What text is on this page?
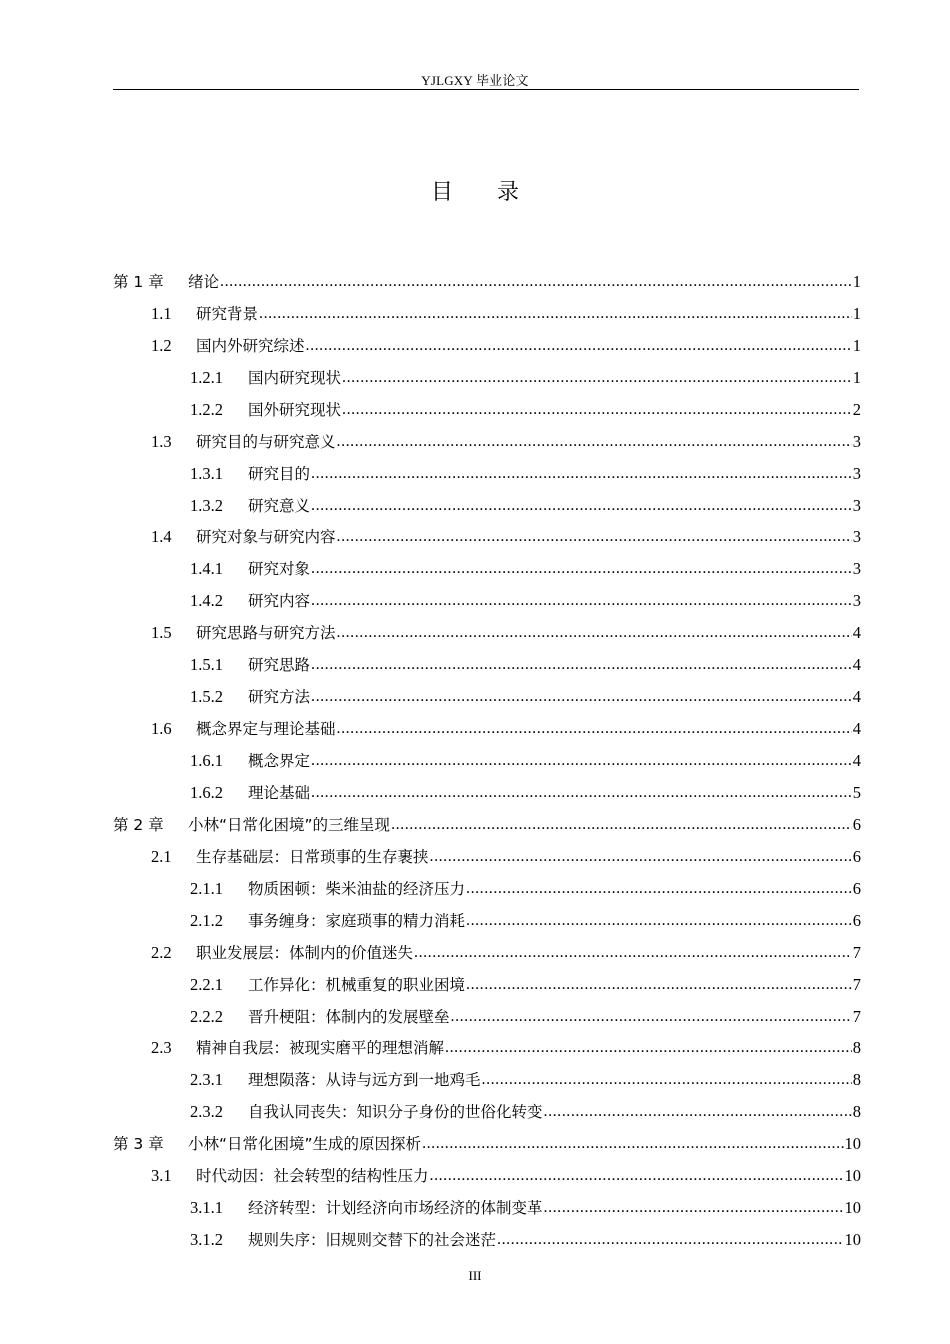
YJLGXY 毕业论文
目　　录
第 1 章	绪论 .....	1
1.1	研究背景 .....	1
1.2	国内外研究综述 .....	1
1.2.1	国内研究现状 .....	1
1.2.2	国外研究现状 .....	2
1.3	研究目的与研究意义 .....	3
1.3.1	研究目的 .....	3
1.3.2	研究意义 .....	3
1.4	研究对象与研究内容 .....	3
1.4.1	研究对象 .....	3
1.4.2	研究内容 .....	3
1.5	研究思路与研究方法 .....	4
1.5.1	研究思路 .....	4
1.5.2	研究方法 .....	4
1.6	概念界定与理论基础 .....	4
1.6.1	概念界定 .....	4
1.6.2	理论基础 .....	5
第 2 章	小林“日常化困境”的三维呈现 .....	6
2.1	生存基础层：日常琐事的生存裹挟 .....	6
2.1.1	物质困顿：柴米油盐的经济压力 .....	6
2.1.2	事务缠身：家庭琐事的精力消耗 .....	6
2.2	职业发展层：体制内的价值迷失 .....	7
2.2.1	工作异化：机械重复的职业困境 .....	7
2.2.2	晋升梗阻：体制内的发展壁垒 .....	7
2.3	精神自我层：被现实磨平的理想消解 .....	8
2.3.1	理想陨落：从诗与远方到一地鸡毛 .....	8
2.3.2	自我认同丧失：知识分子身份的世俗化转变 .....	8
第 3 章	小林“日常化困境”生成的原因探析 .....	10
3.1	时代动因：社会转型的结构性压力 .....	10
3.1.1	经济转型：计划经济向市场经济的体制变革 .....	10
3.1.2	规则失序：旧规则交替下的社会迷茫 .....	10
III
